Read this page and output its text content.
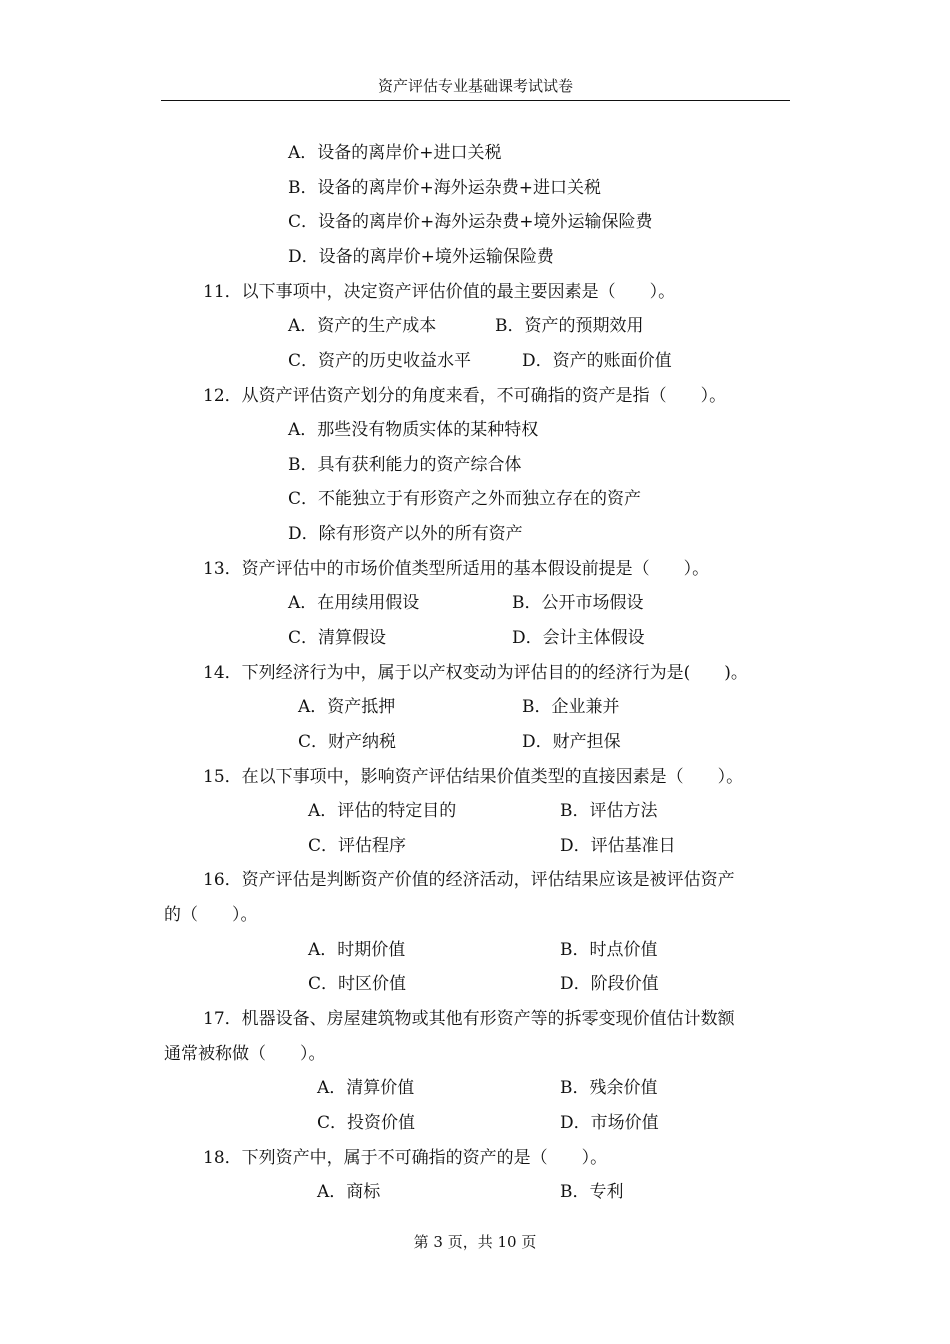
资产评估专业基础课考试试卷
A．设备的离岸价+进口关税
B．设备的离岸价+海外运杂费+进口关税
C．设备的离岸价+海外运杂费+境外运输保险费
D．设备的离岸价+境外运输保险费
11．以下事项中，决定资产评估价值的最主要因素是（　　）。
A．资产的生产成本	B．资产的预期效用
C．资产的历史收益水平	D．资产的账面价值
12．从资产评估资产划分的角度来看，不可确指的资产是指（　　）。
A．那些没有物质实体的某种特权
B．具有获利能力的资产综合体
C．不能独立于有形资产之外而独立存在的资产
D．除有形资产以外的所有资产
13．资产评估中的市场价值类型所适用的基本假设前提是（　　）。
A．在用续用假设	B．公开市场假设
C．清算假设	D．会计主体假设
14．下列经济行为中，属于以产权变动为评估目的的经济行为是(　　)。
A．资产抵押	B．企业兼并
C．财产纳税	D．财产担保
15．在以下事项中，影响资产评估结果价值类型的直接因素是（　　）。
A．评估的特定目的	B．评估方法
C．评估程序	D．评估基准日
16．资产评估是判断资产价值的经济活动，评估结果应该是被评估资产
的（　　）。
A．时期价值	B．时点价值
C．时区价值	D．阶段价值
17．机器设备、房屋建筑物或其他有形资产等的拆零变现价值估计数额
通常被称做（　　）。
A．清算价值	B．残余价值
C．投资价值	D．市场价值
18．下列资产中，属于不可确指的资产的是（　　）。
A．商标	B．专利
第 3 页，共 10 页
